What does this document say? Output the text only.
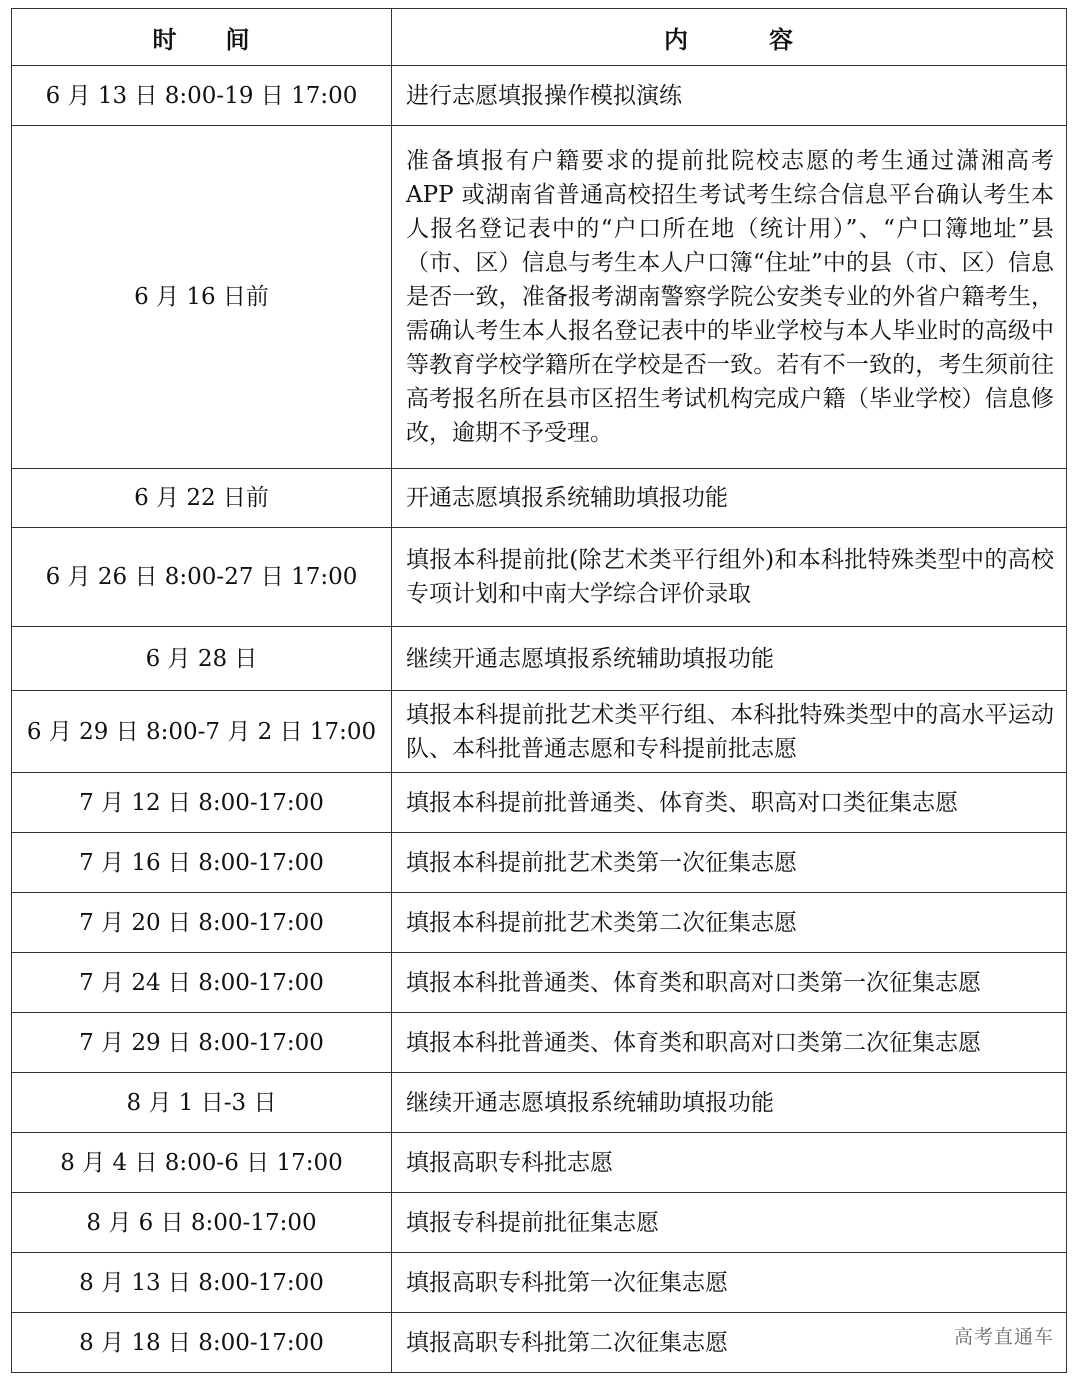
时 间	内 容
6 月 13 日 8:00-19 日 17:00	进行志愿填报操作模拟演练
6 月 16 日前	准备填报有户籍要求的提前批院校志愿的考生通过潇湘高考 APP 或湖南省普通高校招生考试考生综合信息平台确认考生本人报名登记表中的“户口所在地（统计用）”、“户口簿地址”县（市、区）信息与考生本人户口簿“住址”中的县（市、区）信息是否一致，准备报考湖南警察学院公安类专业的外省户籍考生，需确认考生本人报名登记表中的毕业学校与本人毕业时的高级中等教育学校学籍所在学校是否一致。若有不一致的，考生须前往高考报名所在县市区招生考试机构完成户籍（毕业学校）信息修改，逾期不予受理。
6 月 22 日前	开通志愿填报系统辅助填报功能
6 月 26 日 8:00-27 日 17:00	填报本科提前批(除艺术类平行组外)和本科批特殊类型中的高校专项计划和中南大学综合评价录取
6 月 28 日	继续开通志愿填报系统辅助填报功能
6 月 29 日 8:00-7 月 2 日 17:00	填报本科提前批艺术类平行组、本科批特殊类型中的高水平运动队、本科批普通志愿和专科提前批志愿
7 月 12 日 8:00-17:00	填报本科提前批普通类、体育类、职高对口类征集志愿
7 月 16 日 8:00-17:00	填报本科提前批艺术类第一次征集志愿
7 月 20 日 8:00-17:00	填报本科提前批艺术类第二次征集志愿
7 月 24 日 8:00-17:00	填报本科批普通类、体育类和职高对口类第一次征集志愿
7 月 29 日 8:00-17:00	填报本科批普通类、体育类和职高对口类第二次征集志愿
8 月 1 日-3 日	继续开通志愿填报系统辅助填报功能
8 月 4 日 8:00-6 日 17:00	填报高职专科批志愿
8 月 6 日 8:00-17:00	填报专科提前批征集志愿
8 月 13 日 8:00-17:00	填报高职专科批第一次征集志愿
8 月 18 日 8:00-17:00	填报高职专科批第二次征集志愿	高考直通车
